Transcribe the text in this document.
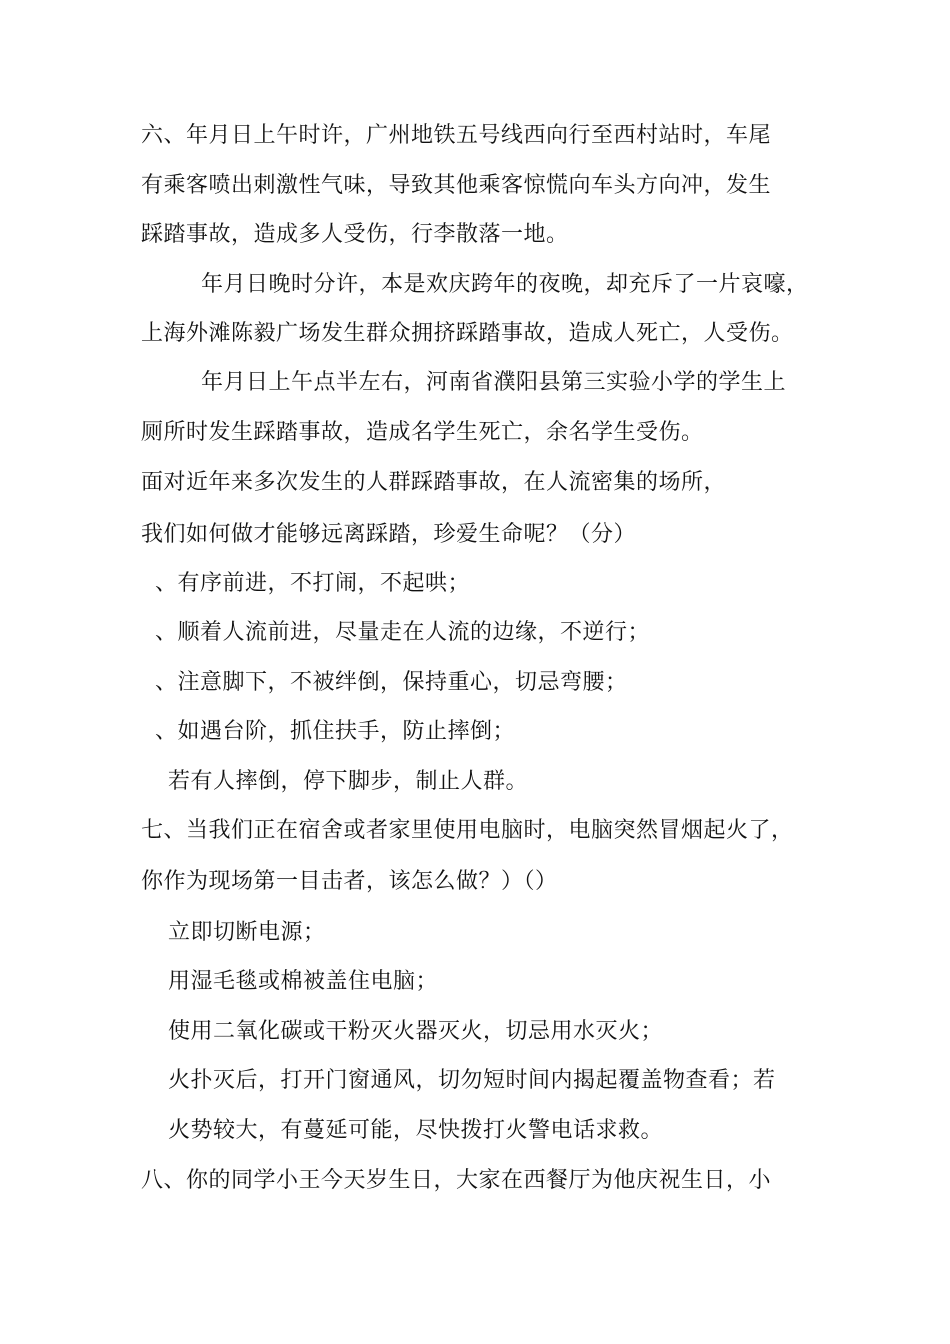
六、年月日上午时许，广州地铁五号线西向行至西村站时，车尾

有乘客喷出刺激性气味，导致其他乘客惊慌向车头方向冲，发生

踩踏事故，造成多人受伤，行李散落一地。

年月日晚时分许，本是欢庆跨年的夜晚，却充斥了一片哀嚎，

上海外滩陈毅广场发生群众拥挤踩踏事故，造成人死亡，人受伤。

年月日上午点半左右，河南省濮阳县第三实验小学的学生上

厕所时发生踩踏事故，造成名学生死亡，余名学生受伤。

面对近年来多次发生的人群踩踏事故，在人流密集的场所，

我们如何做才能够远离踩踏，珍爱生命呢？（分）

、有序前进，不打闹，不起哄；

、顺着人流前进，尽量走在人流的边缘，不逆行；

、注意脚下，不被绊倒，保持重心，切忌弯腰；

、如遇台阶，抓住扶手，防止摔倒；

若有人摔倒，停下脚步，制止人群。

七、当我们正在宿舍或者家里使用电脑时，电脑突然冒烟起火了，

你作为现场第一目击者，该怎么做？）（）

立即切断电源；

用湿毛毯或棉被盖住电脑；

使用二氧化碳或干粉灭火器灭火，切忌用水灭火；

火扑灭后，打开门窗通风，切勿短时间内揭起覆盖物查看；若

火势较大，有蔓延可能，尽快拨打火警电话求救。

八、你的同学小王今天岁生日，大家在西餐厅为他庆祝生日，小
